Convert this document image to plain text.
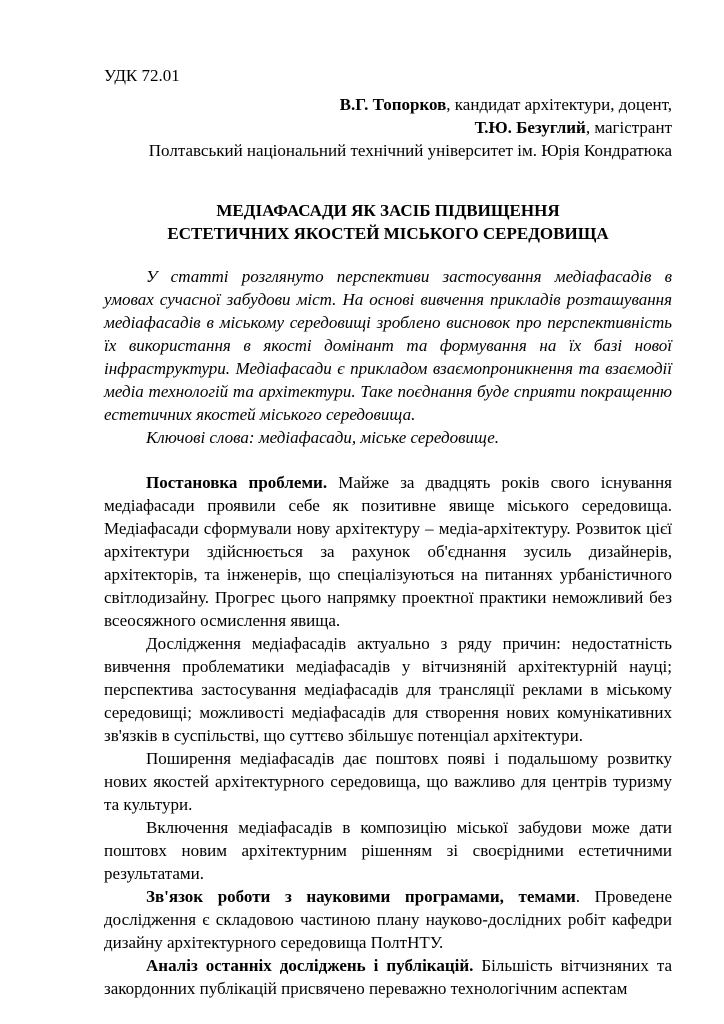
УДК 72.01

В.Г. Топорков, кандидат архітектури, доцент,

Т.Ю. Безуглий, магістрант

Полтавський національний технічний університет ім. Юрія Кондратюка

МЕДІАФАСАДИ ЯК ЗАСІБ ПІДВИЩЕННЯ
ЕСТЕТИЧНИХ ЯКОСТЕЙ МІСЬКОГО СЕРЕДОВИЩА

У статті розглянуто перспективи застосування медіафасадів в умовах сучасної забудови міст. На основі вивчення прикладів розташування медіафасадів в міському середовищі зроблено висновок про перспективність їх використання в якості домінант та формування на їх базі нової інфраструктури. Медіафасади є прикладом взаємопроникнення та взаємодії медіа технологій та архітектури. Таке поєднання буде сприяти покращенню естетичних якостей міського середовища.

Ключові слова: медіафасади, міське середовище.

Постановка проблеми. Майже за двадцять років свого існування медіафасади проявили себе як позитивне явище міського середовища. Медіафасади сформували нову архітектуру – медіа-архітектуру. Розвиток цієї архітектури здійснюється за рахунок об'єднання зусиль дизайнерів, архітекторів, та інженерів, що спеціалізуються на питаннях урбаністичного світлодизайну. Прогрес цього напрямку проектної практики неможливий без всеосяжного осмислення явища.

Дослідження медіафасадів актуально з ряду причин: недостатність вивчення проблематики медіафасадів у вітчизняній архітектурній науці; перспектива застосування медіафасадів для трансляції реклами в міському середовищі; можливості медіафасадів для створення нових комунікативних зв'язків в суспільстві, що суттєво збільшує потенціал архітектури.

Поширення медіафасадів дає поштовх появі і подальшому розвитку нових якостей архітектурного середовища, що важливо для центрів туризму та культури.

Включення медіафасадів в композицію міської забудови може дати поштовх новим архітектурним рішенням зі своєрідними естетичними результатами.

Зв'язок роботи з науковими програмами, темами. Проведене дослідження є складовою частиною плану науково-дослідних робіт кафедри дизайну архітектурного середовища ПолтНТУ.

Аналіз останніх досліджень і публікацій. Більшість вітчизняних та закордонних публікацій присвячено переважно технологічним аспектам
